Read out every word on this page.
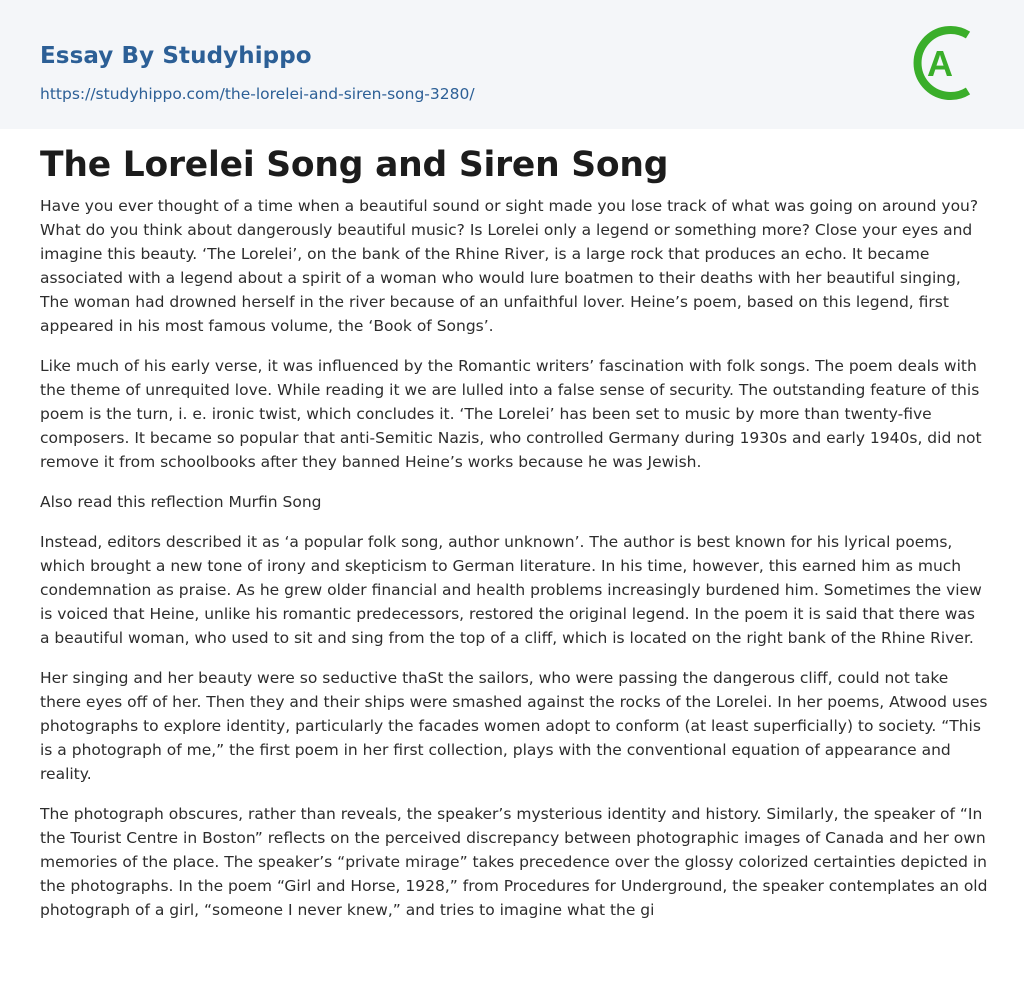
Essay By Studyhippo
https://studyhippo.com/the-lorelei-and-siren-song-3280/
A
The Lorelei Song and Siren Song

Have you ever thought of a time when a beautiful sound or sight made you lose track of what was going on around you? What do you think about dangerously beautiful music? Is Lorelei only a legend or something more? Close your eyes and imagine this beauty. ‘The Lorelei’, on the bank of the Rhine River, is a large rock that produces an echo. It became associated with a legend about a spirit of a woman who would lure boatmen to their deaths with her beautiful singing, The woman had drowned herself in the river because of an unfaithful lover. Heine’s poem, based on this legend, first appeared in his most famous volume, the ‘Book of Songs’.

Like much of his early verse, it was influenced by the Romantic writers’ fascination with folk songs. The poem deals with the theme of unrequited love. While reading it we are lulled into a false sense of security. The outstanding feature of this poem is the turn, i. e. ironic twist, which concludes it. ‘The Lorelei’ has been set to music by more than twenty-five composers. It became so popular that anti-Semitic Nazis, who controlled Germany during 1930s and early 1940s, did not remove it from schoolbooks after they banned Heine’s works because he was Jewish.

Also read this reflection Murfin Song

Instead, editors described it as ‘a popular folk song, author unknown’. The author is best known for his lyrical poems, which brought a new tone of irony and skepticism to German literature. In his time, however, this earned him as much condemnation as praise. As he grew older financial and health problems increasingly burdened him. Sometimes the view is voiced that Heine, unlike his romantic predecessors, restored the original legend. In the poem it is said that there was a beautiful woman, who used to sit and sing from the top of a cliff, which is located on the right bank of the Rhine River.

Her singing and her beauty were so seductive thaSt the sailors, who were passing the dangerous cliff, could not take there eyes off of her. Then they and their ships were smashed against the rocks of the Lorelei. In her poems, Atwood uses photographs to explore identity, particularly the facades women adopt to conform (at least superficially) to society. “This is a photograph of me,” the first poem in her first collection, plays with the conventional equation of appearance and reality.

The photograph obscures, rather than reveals, the speaker’s mysterious identity and history. Similarly, the speaker of “In the Tourist Centre in Boston” reflects on the perceived discrepancy between photographic images of Canada and her own memories of the place. The speaker’s “private mirage” takes precedence over the glossy colorized certainties depicted in the photographs. In the poem “Girl and Horse, 1928,” from Procedures for Underground, the speaker contemplates an old photograph of a girl, “someone I never knew,” and tries to imagine what the gi
